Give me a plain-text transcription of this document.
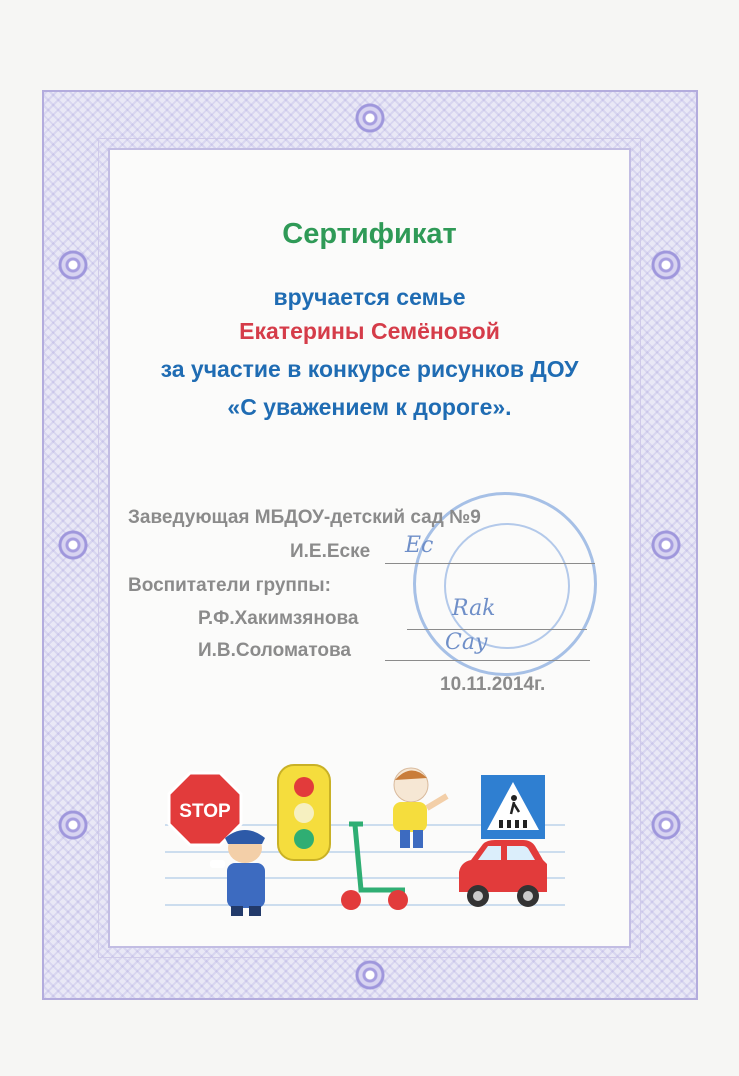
Сертификат
вручается семье
Екатерины Семёновой
за участие в конкурсе рисунков ДОУ
«С уважением к дороге».
Заведующая МБДОУ-детский сад №9
И.Е.Еске Ес
Воспитатели группы:
Р.Ф.Хакимзянова	Rak
И.В.Соломатова	Сау
10.11.2014г.
STOP
